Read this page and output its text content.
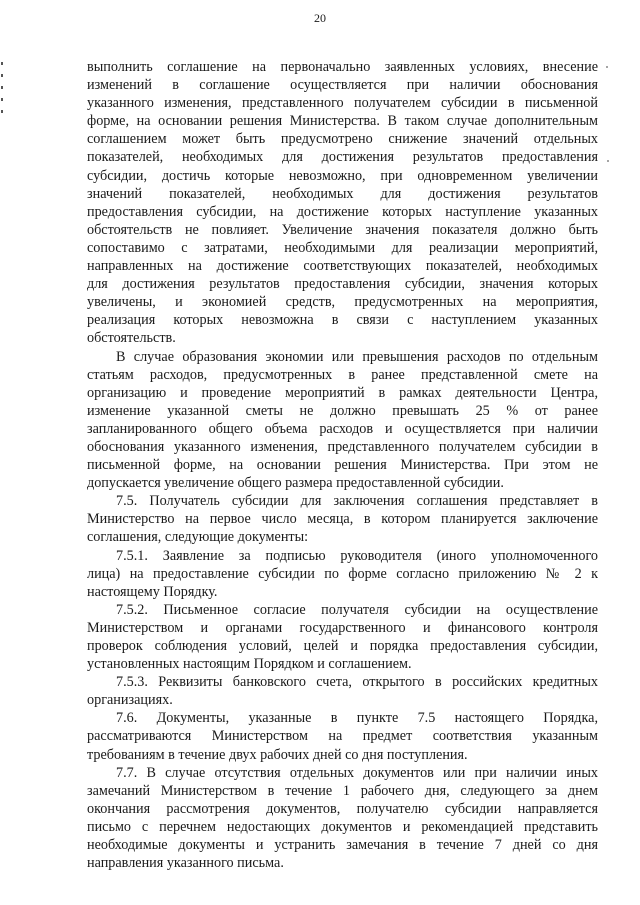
20
выполнить соглашение на первоначально заявленных условиях, внесение
изменений в соглашение осуществляется при наличии обоснования
указанного изменения, представленного получателем субсидии в письменной
форме, на основании решения Министерства. В таком случае дополнительным
соглашением может быть предусмотрено снижение значений отдельных
показателей, необходимых для достижения результатов предоставления
субсидии, достичь которые невозможно, при одновременном увеличении
значений показателей, необходимых для достижения результатов
предоставления субсидии, на достижение которых наступление указанных
обстоятельств не повлияет. Увеличение значения показателя должно быть
сопоставимо с затратами, необходимыми для реализации мероприятий,
направленных на достижение соответствующих показателей, необходимых
для достижения результатов предоставления субсидии, значения которых
увеличены, и экономией средств, предусмотренных на мероприятия,
реализация которых невозможна в связи с наступлением указанных
обстоятельств.
В случае образования экономии или превышения расходов по отдельным
статьям расходов, предусмотренных в ранее представленной смете на
организацию и проведение мероприятий в рамках деятельности Центра,
изменение указанной сметы не должно превышать 25 % от ранее
запланированного общего объема расходов и осуществляется при наличии
обоснования указанного изменения, представленного получателем субсидии в
письменной форме, на основании решения Министерства. При этом не
допускается увеличение общего размера предоставленной субсидии.
7.5. Получатель субсидии для заключения соглашения представляет в
Министерство на первое число месяца, в котором планируется заключение
соглашения, следующие документы:
7.5.1. Заявление за подписью руководителя (иного уполномоченного
лица) на предоставление субсидии по форме согласно приложению № 2 к
настоящему Порядку.
7.5.2. Письменное согласие получателя субсидии на осуществление
Министерством и органами государственного и финансового контроля
проверок соблюдения условий, целей и порядка предоставления субсидии,
установленных настоящим Порядком и соглашением.
7.5.3. Реквизиты банковского счета, открытого в российских кредитных
организациях.
7.6. Документы, указанные в пункте 7.5 настоящего Порядка,
рассматриваются Министерством на предмет соответствия указанным
требованиям в течение двух рабочих дней со дня поступления.
7.7. В случае отсутствия отдельных документов или при наличии иных
замечаний Министерством в течение 1 рабочего дня, следующего за днем
окончания рассмотрения документов, получателю субсидии направляется
письмо с перечнем недостающих документов и рекомендацией представить
необходимые документы и устранить замечания в течение 7 дней со дня
направления указанного письма.
